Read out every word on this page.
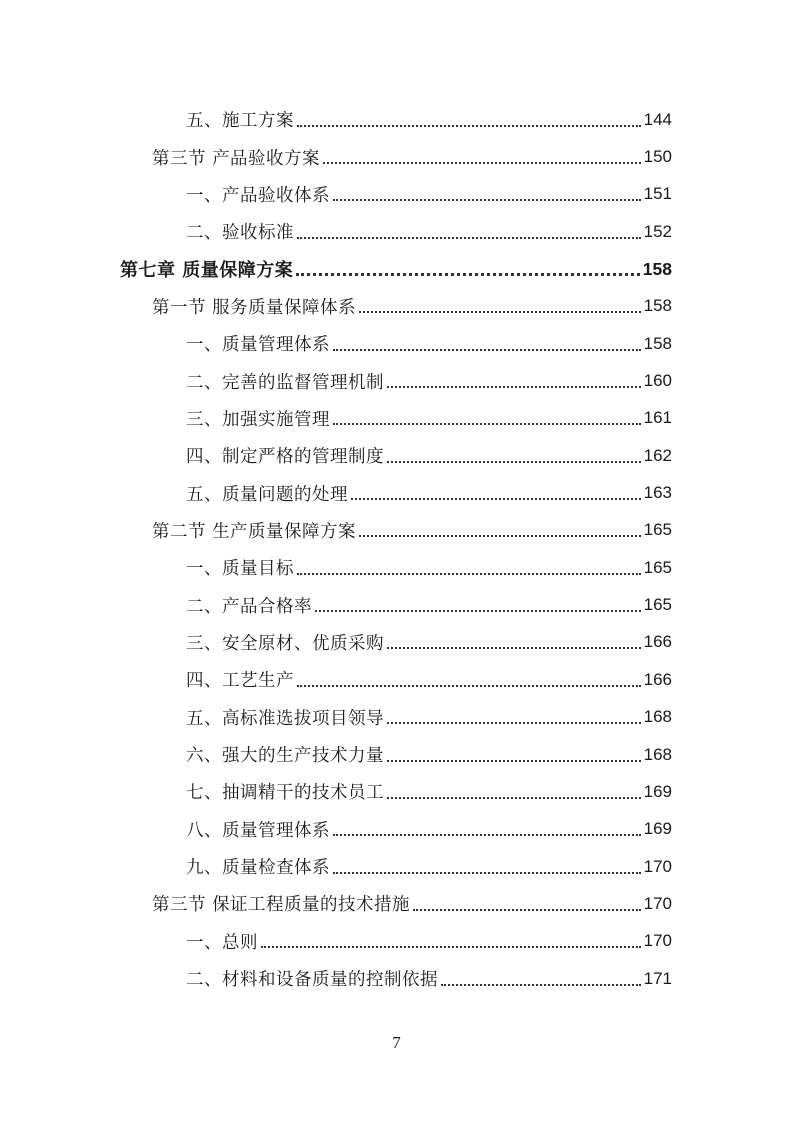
五、施工方案	144
第三节 产品验收方案	150
一、产品验收体系	151
二、验收标准	152
第七章 质量保障方案	158
第一节 服务质量保障体系	158
一、质量管理体系	158
二、完善的监督管理机制	160
三、加强实施管理	161
四、制定严格的管理制度	162
五、质量问题的处理	163
第二节 生产质量保障方案	165
一、质量目标	165
二、产品合格率	165
三、安全原材、优质采购	166
四、工艺生产	166
五、高标准选拔项目领导	168
六、强大的生产技术力量	168
七、抽调精干的技术员工	169
八、质量管理体系	169
九、质量检查体系	170
第三节 保证工程质量的技术措施	170
一、总则	170
二、材料和设备质量的控制依据	171
7
